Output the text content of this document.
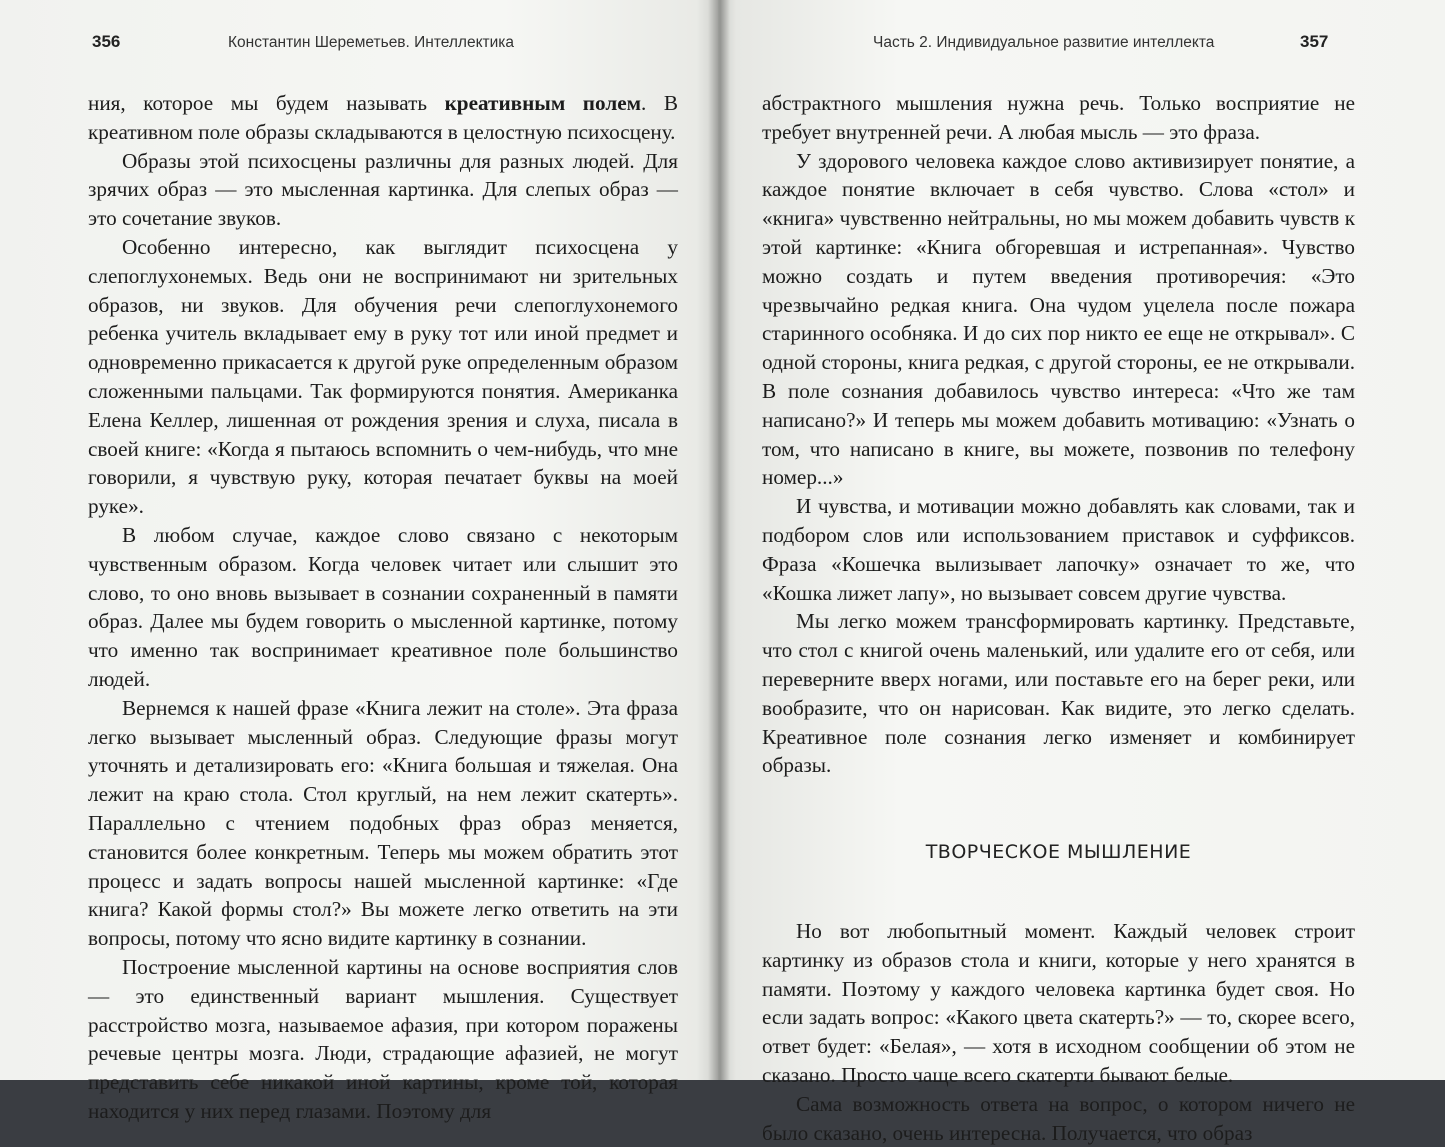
356	Константин Шереметьев. Интеллектика

ния, которое мы будем называть креативным полем. В креативном поле образы складываются в целостную психосцену.

Образы этой психосцены различны для разных людей. Для зрячих образ — это мысленная картинка. Для слепых образ — это сочетание звуков.

Особенно интересно, как выглядит психосцена у слепоглухонемых. Ведь они не воспринимают ни зрительных образов, ни звуков. Для обучения речи слепоглухонемого ребенка учитель вкладывает ему в руку тот или иной предмет и одновременно прикасается к другой руке определенным образом сложенными пальцами. Так формируются понятия. Американка Елена Келлер, лишенная от рождения зрения и слуха, писала в своей книге: «Когда я пытаюсь вспомнить о чем-нибудь, что мне говорили, я чувствую руку, которая печатает буквы на моей руке».

В любом случае, каждое слово связано с некоторым чувственным образом. Когда человек читает или слышит это слово, то оно вновь вызывает в сознании сохраненный в памяти образ. Далее мы будем говорить о мысленной картинке, потому что именно так воспринимает креативное поле большинство людей.

Вернемся к нашей фразе «Книга лежит на столе». Эта фраза легко вызывает мысленный образ. Следующие фразы могут уточнять и детализировать его: «Книга большая и тяжелая. Она лежит на краю стола. Стол круглый, на нем лежит скатерть». Параллельно с чтением подобных фраз образ меняется, становится более конкретным. Теперь мы можем обратить этот процесс и задать вопросы нашей мысленной картинке: «Где книга? Какой формы стол?» Вы можете легко ответить на эти вопросы, потому что ясно видите картинку в сознании.

Построение мысленной картины на основе восприятия слов — это единственный вариант мышления. Существует расстройство мозга, называемое афазия, при котором поражены речевые центры мозга. Люди, страдающие афазией, не могут представить себе никакой иной картины, кроме той, которая находится у них перед глазами. Поэтому для

Часть 2. Индивидуальное развитие интеллекта	357

абстрактного мышления нужна речь. Только восприятие не требует внутренней речи. А любая мысль — это фраза.

У здорового человека каждое слово активизирует понятие, а каждое понятие включает в себя чувство. Слова «стол» и «книга» чувственно нейтральны, но мы можем добавить чувств к этой картинке: «Книга обгоревшая и истрепанная». Чувство можно создать и путем введения противоречия: «Это чрезвычайно редкая книга. Она чудом уцелела после пожара старинного особняка. И до сих пор никто ее еще не открывал». С одной стороны, книга редкая, с другой стороны, ее не открывали. В поле сознания добавилось чувство интереса: «Что же там написано?» И теперь мы можем добавить мотивацию: «Узнать о том, что написано в книге, вы можете, позвонив по телефону номер...»

И чувства, и мотивации можно добавлять как словами, так и подбором слов или использованием приставок и суффиксов. Фраза «Кошечка вылизывает лапочку» означает то же, что «Кошка лижет лапу», но вызывает совсем другие чувства.

Мы легко можем трансформировать картинку. Представьте, что стол с книгой очень маленький, или удалите его от себя, или переверните вверх ногами, или поставьте его на берег реки, или вообразите, что он нарисован. Как видите, это легко сделать. Креативное поле сознания легко изменяет и комбинирует образы.

ТВОРЧЕСКОЕ МЫШЛЕНИЕ

Но вот любопытный момент. Каждый человек строит картинку из образов стола и книги, которые у него хранятся в памяти. Поэтому у каждого человека картинка будет своя. Но если задать вопрос: «Какого цвета скатерть?» — то, скорее всего, ответ будет: «Белая», — хотя в исходном сообщении об этом не сказано. Просто чаще всего скатерти бывают белые.

Сама возможность ответа на вопрос, о котором ничего не было сказано, очень интересна. Получается, что образ
